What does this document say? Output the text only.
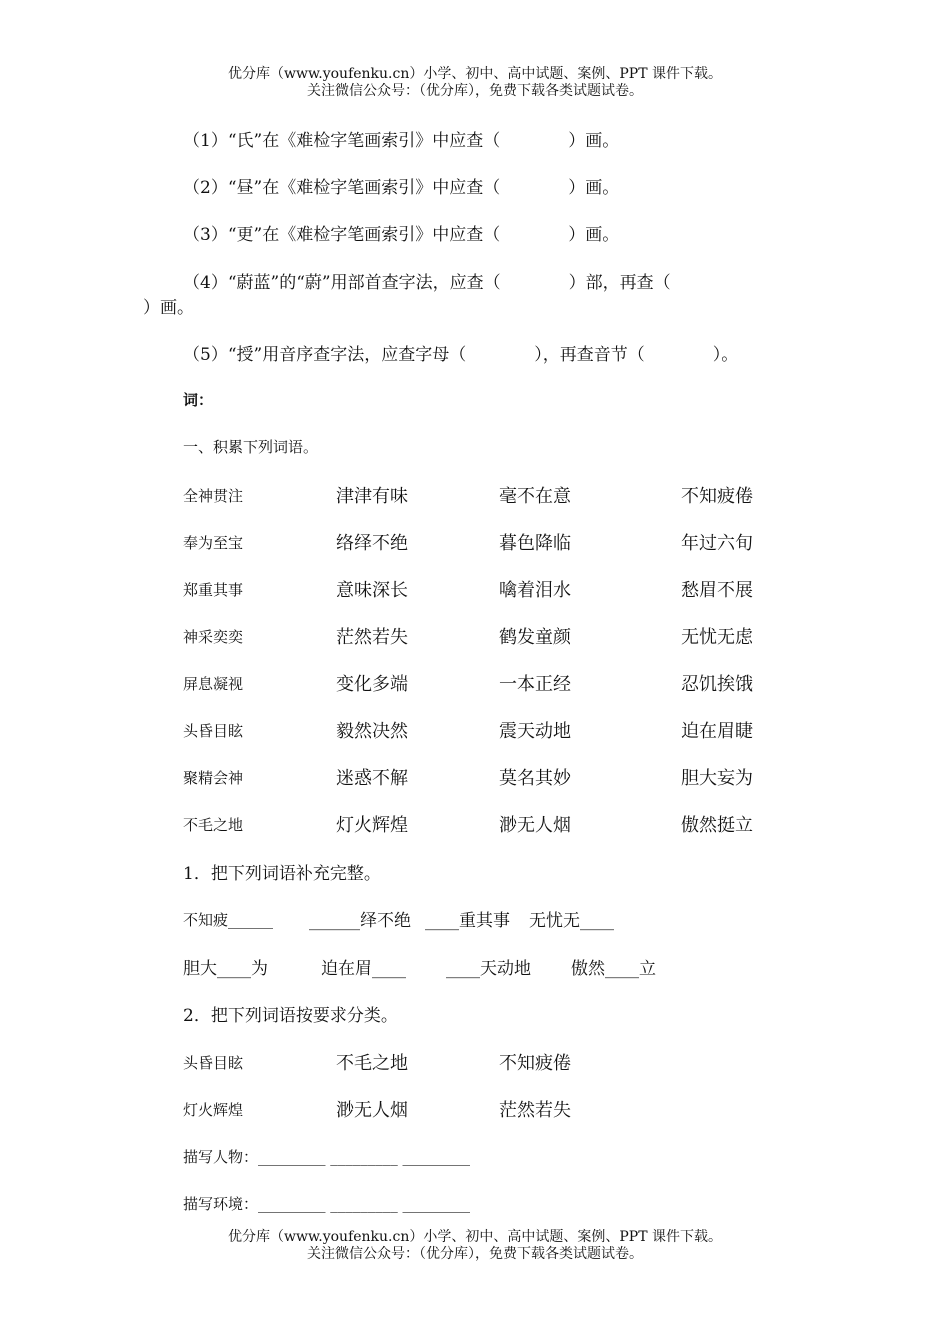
优分库（www.youfenku.cn）小学、初中、高中试题、案例、PPT 课件下载。
关注微信公众号：（优分库），免费下载各类试题试卷。
（1）“氏”在《难检字笔画索引》中应查（　　　　）画。
（2）“昼”在《难检字笔画索引》中应查（　　　　）画。
（3）“更”在《难检字笔画索引》中应查（　　　　）画。
（4）“蔚蓝”的“蔚”用部首查字法，应查（　　　　）部，再查（
）画。
（5）“授”用音序查字法，应查字母（　　　　），再查音节（　　　　）。
词：
一、积累下列词语。
全神贯注	津津有味	毫不在意	不知疲倦
奉为至宝	络绎不绝	暮色降临	年过六旬
郑重其事	意味深长	噙着泪水	愁眉不展
神采奕奕	茫然若失	鹤发童颜	无忧无虑
屏息凝视	变化多端	一本正经	忍饥挨饿
头昏目眩	毅然决然	震天动地	迫在眉睫
聚精会神	迷惑不解	莫名其妙	胆大妄为
不毛之地	灯火辉煌	渺无人烟	傲然挺立
1．把下列词语补充完整。
不知疲______ ______绎不绝 ____重其事 无忧无____
胆大____为	迫在眉____ ____天动地 傲然____立
2．把下列词语按要求分类。
头昏目眩	不毛之地	不知疲倦
灯火辉煌	渺无人烟	茫然若失
描写人物：_________ _________ _________
描写环境：_________ _________ _________
优分库（www.youfenku.cn）小学、初中、高中试题、案例、PPT 课件下载。
关注微信公众号：（优分库），免费下载各类试题试卷。
